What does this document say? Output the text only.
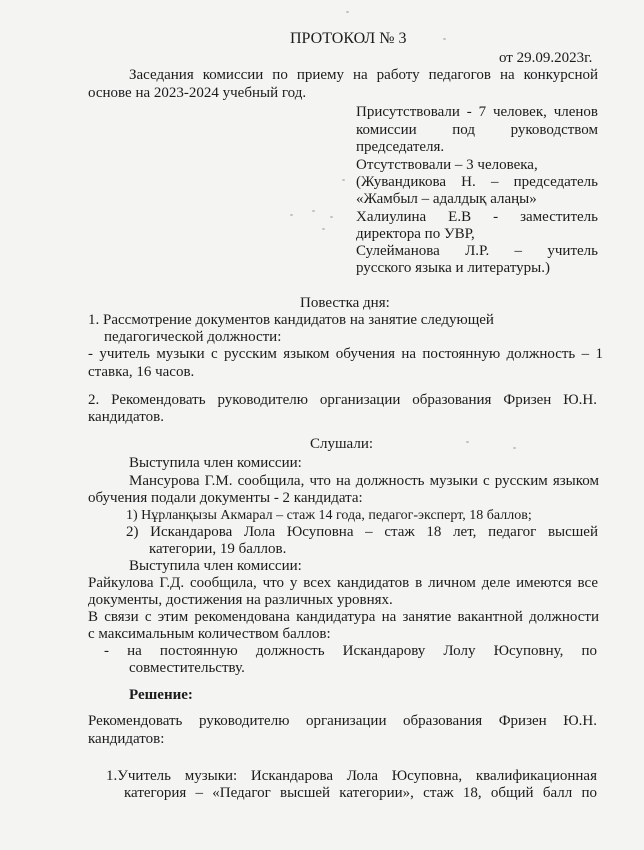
ПРОТОКОЛ № 3
от 29.09.2023г.
Заседания комиссии по приему на работу педагогов на конкурсной
основе на 2023-2024 учебный год.
Присутствовали - 7 человек, членов
комиссии под руководством
председателя.
Отсутствовали – 3 человека,
(Жувандикова Н. – председатель
«Жамбыл – адалдық алаңы»
Халиулина Е.В - заместитель
директора по УВР,
Сулейманова Л.Р. – учитель
русского языка и литературы.)
Повестка дня:
1. Рассмотрение документов кандидатов на занятие следующей
педагогической должности:
- учитель музыки с русским языком обучения на постоянную должность – 1
ставка, 16 часов.
2. Рекомендовать руководителю организации образования Фризен Ю.Н.
кандидатов.
Слушали:
Выступила член комиссии:
Мансурова Г.М. сообщила, что на должность музыки с русским языком
обучения подали документы - 2 кандидата:
1) Нұрланқызы Акмарал – стаж 14 года, педагог-эксперт, 18 баллов;
2) Искандарова Лола Юсуповна – стаж 18 лет, педагог высшей
категории, 19 баллов.
Выступила член комиссии:
Райкулова Г.Д. сообщила, что у всех кандидатов в личном деле имеются все
документы, достижения на различных уровнях.
В связи с этим рекомендована кандидатура на занятие вакантной должности
с максимальным количеством баллов:
- на постоянную должность Искандарову Лолу Юсуповну, по
совместительству.
Решение:
Рекомендовать руководителю организации образования Фризен Ю.Н.
кандидатов:
1.Учитель музыки: Искандарова Лола Юсуповна, квалификационная
категория – «Педагог высшей категории», стаж 18, общий балл по
